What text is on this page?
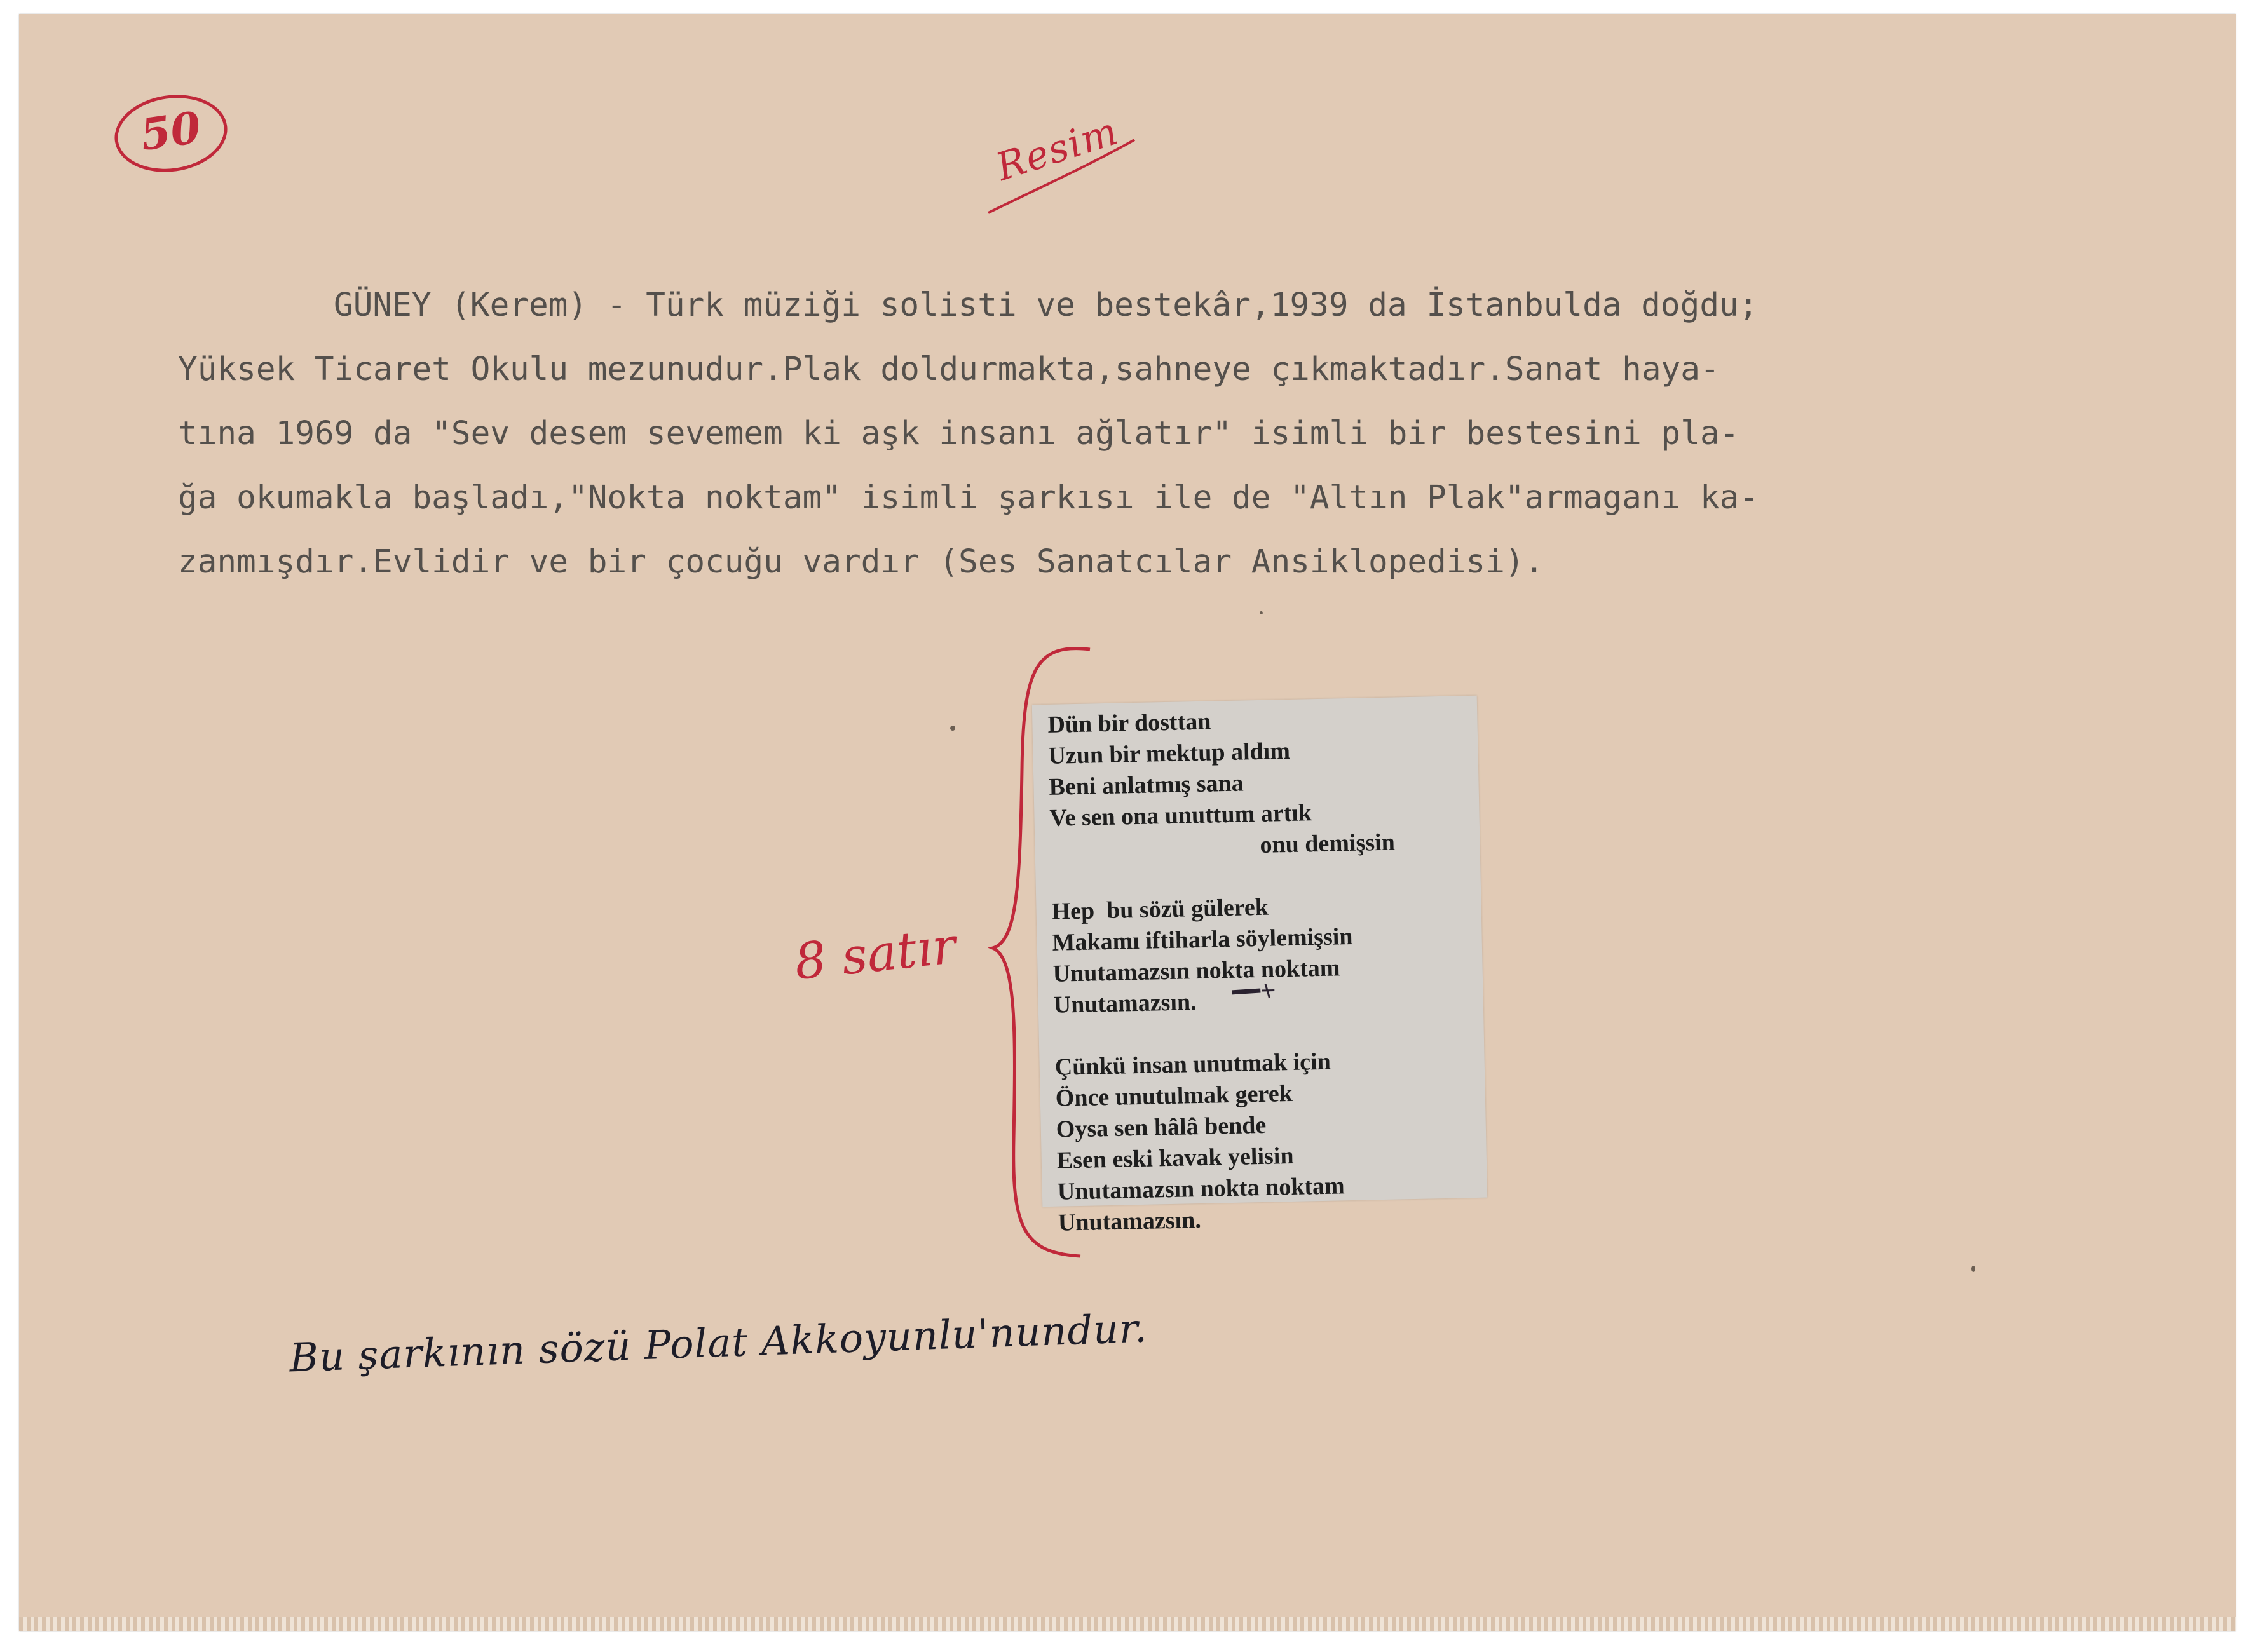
50	Resim
GÜNEY (Kerem) - Türk müziği solisti ve bestekâr,1939 da İstanbulda doğdu;
Yüksek Ticaret Okulu mezunudur.Plak doldurmakta,sahneye çıkmaktadır.Sanat haya-
tına 1969 da "Sev desem sevemem ki aşk insanı ağlatır" isimli bir bestesini pla-
ğa okumakla başladı,"Nokta noktam" isimli şarkısı ile de "Altın Plak"armaganı ka-
zanmışdır.Evlidir ve bir çocuğu vardır (Ses Sanatcılar Ansiklopedisi).
Dün bir dosttan
Uzun bir mektup aldım
Beni anlatmış sana
Ve sen ona unuttum artık
onu demişsin
Hep  bu sözü gülerek
Makamı iftiharla söylemişsin
Unutamazsın nokta noktam
Unutamazsın.
Çünkü insan unutmak için
Önce unutulmak gerek
Oysa sen hâlâ bende
Esen eski kavak yelisin
Unutamazsın nokta noktam
Unutamazsın.
8 satır
Bu şarkının sözü Polat Akkoyunlu'nundur.
